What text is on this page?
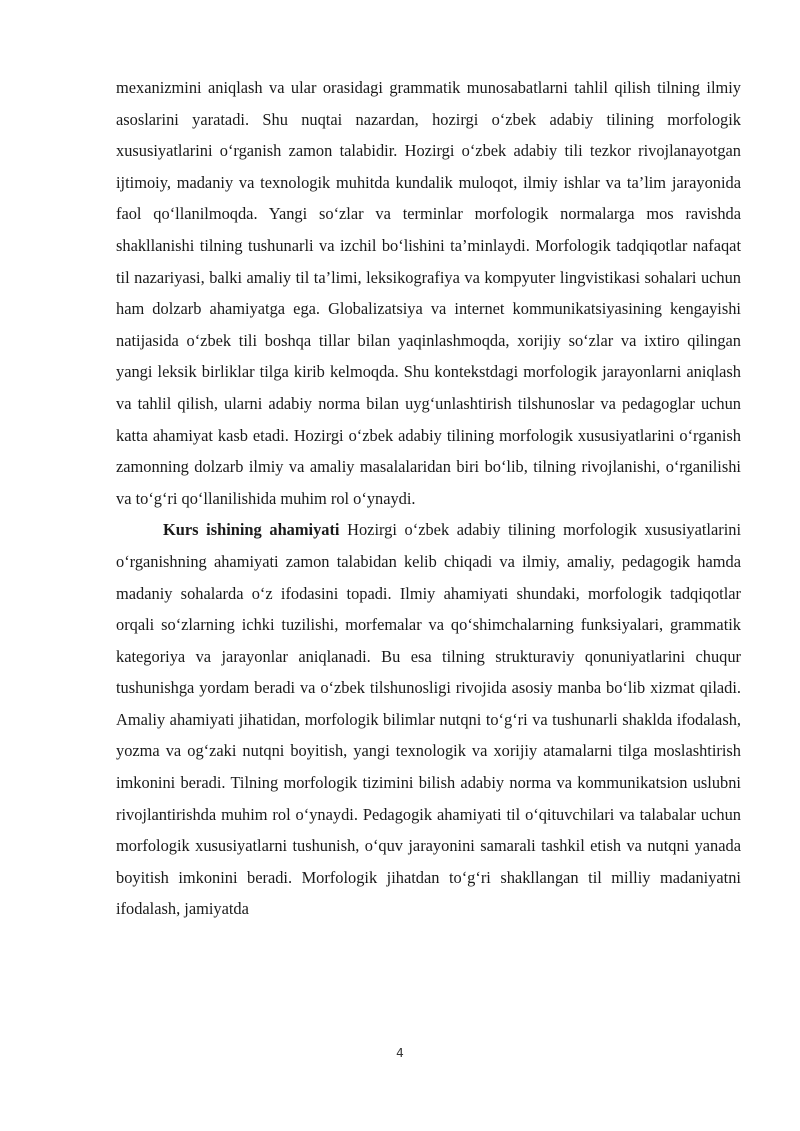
mexanizmini aniqlash va ular orasidagi grammatik munosabatlarni tahlil qilish tilning ilmiy asoslarini yaratadi. Shu nuqtai nazardan, hozirgi o‘zbek adabiy tilining morfologik xususiyatlarini o‘rganish zamon talabidir. Hozirgi o‘zbek adabiy tili tezkor rivojlanayotgan ijtimoiy, madaniy va texnologik muhitda kundalik muloqot, ilmiy ishlar va ta’lim jarayonida faol qo‘llanilmoqda. Yangi so‘zlar va terminlar morfologik normalarga mos ravishda shakllanishi tilning tushunarli va izchil bo‘lishini ta’minlaydi. Morfologik tadqiqotlar nafaqat til nazariyasi, balki amaliy til ta’limi, leksikografiya va kompyuter lingvistikasi sohalari uchun ham dolzarb ahamiyatga ega. Globalizatsiya va internet kommunikatsiyasining kengayishi natijasida o‘zbek tili boshqa tillar bilan yaqinlashmoqda, xorijiy so‘zlar va ixtiro qilingan yangi leksik birliklar tilga kirib kelmoqda. Shu kontekstdagi morfologik jarayonlarni aniqlash va tahlil qilish, ularni adabiy norma bilan uyg‘unlashtirish tilshunoslar va pedagoglar uchun katta ahamiyat kasb etadi. Hozirgi o‘zbek adabiy tilining morfologik xususiyatlarini o‘rganish zamonning dolzarb ilmiy va amaliy masalalaridan biri bo‘lib, tilning rivojlanishi, o‘rganilishi va to‘g‘ri qo‘llanilishida muhim rol o‘ynaydi.

Kurs ishining ahamiyati Hozirgi o‘zbek adabiy tilining morfologik xususiyatlarini o‘rganishning ahamiyati zamon talabidan kelib chiqadi va ilmiy, amaliy, pedagogik hamda madaniy sohalarda o‘z ifodasini topadi. Ilmiy ahamiyati shundaki, morfologik tadqiqotlar orqali so‘zlarning ichki tuzilishi, morfemalar va qo‘shimchalarning funksiyalari, grammatik kategoriya va jarayonlar aniqlanadi. Bu esa tilning strukturaviy qonuniyatlarini chuqur tushunishga yordam beradi va o‘zbek tilshunosligi rivojida asosiy manba bo‘lib xizmat qiladi. Amaliy ahamiyati jihatidan, morfologik bilimlar nutqni to‘g‘ri va tushunarli shaklda ifodalash, yozma va og‘zaki nutqni boyitish, yangi texnologik va xorijiy atamalarni tilga moslashtirish imkonini beradi. Tilning morfologik tizimini bilish adabiy norma va kommunikatsion uslubni rivojlantirishda muhim rol o‘ynaydi. Pedagogik ahamiyati til o‘qituvchilari va talabalar uchun morfologik xususiyatlarni tushunish, o‘quv jarayonini samarali tashkil etish va nutqni yanada boyitish imkonini beradi. Morfologik jihatdan to‘g‘ri shakllangan til milliy madaniyatni ifodalash, jamiyatda

4
